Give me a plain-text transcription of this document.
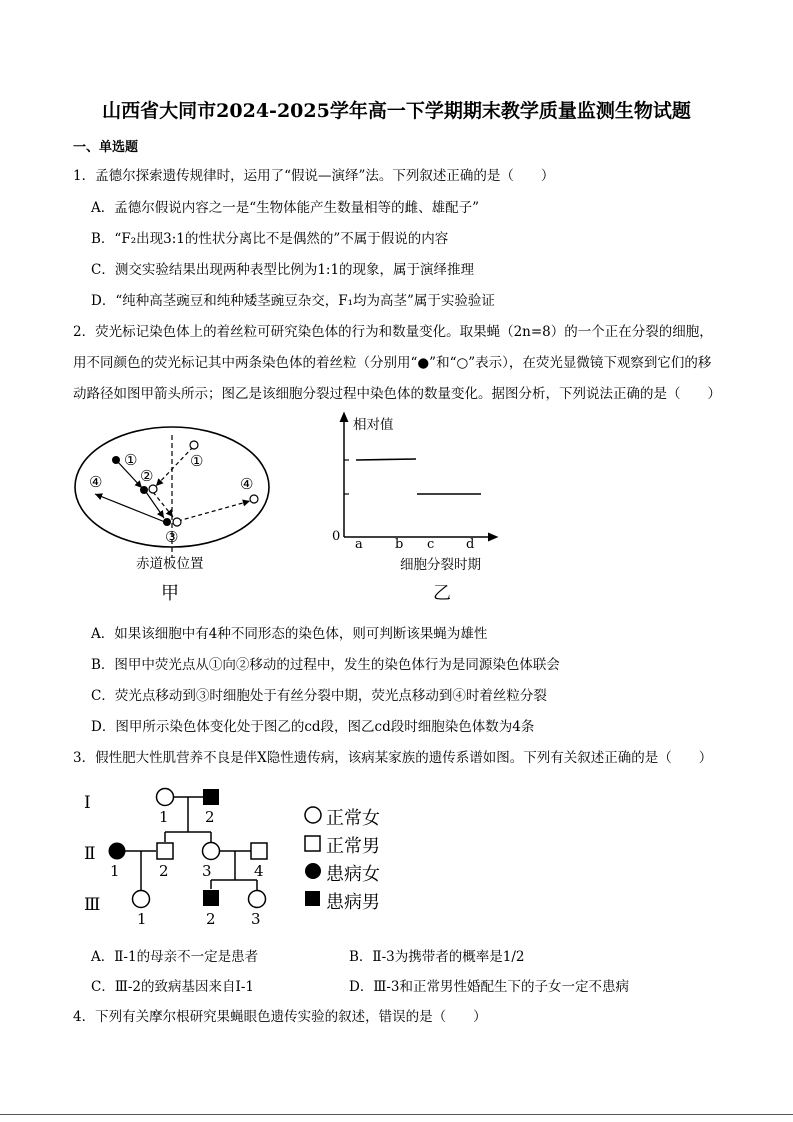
山西省大同市2024-2025学年高一下学期期末教学质量监测生物试题
一、单选题
1．孟德尔探索遗传规律时，运用了“假说—演绎”法。下列叙述正确的是（　　）
A．孟德尔假说内容之一是“生物体能产生数量相等的雌、雄配子”
B．“F₂出现3:1的性状分离比不是偶然的”不属于假说的内容
C．测交实验结果出现两种表型比例为1:1的现象，属于演绎推理
D．“纯种高茎豌豆和纯种矮茎豌豆杂交，F₁均为高茎”属于实验验证
2．荧光标记染色体上的着丝粒可研究染色体的行为和数量变化。取果蝇（2n=8）的一个正在分裂的细胞，
用不同颜色的荧光标记其中两条染色体的着丝粒（分别用“●”和“○”表示），在荧光显微镜下观察到它们的移
动路径如图甲箭头所示；图乙是该细胞分裂过程中染色体的数量变化。据图分析，下列说法正确的是（　　）
①
②
③
④
①
④
赤道板位置
甲
相对值
0
a b c d
细胞分裂时期
乙
A．如果该细胞中有4种不同形态的染色体，则可判断该果蝇为雄性
B．图甲中荧光点从①向②移动的过程中，发生的染色体行为是同源染色体联会
C．荧光点移动到③时细胞处于有丝分裂中期，荧光点移动到④时着丝粒分裂
D．图甲所示染色体变化处于图乙的cd段，图乙cd段时细胞染色体数为4条
3．假性肥大性肌营养不良是伴X隐性遗传病，该病某家族的遗传系谱如图。下列有关叙述正确的是（　　）
1 2
1	2 3	4
1	2 3
Ⅰ
Ⅱ
Ⅲ
正常女
正常男
患病女
患病男
A．Ⅱ-1的母亲不一定是患者	B．Ⅱ-3为携带者的概率是1/2
C．Ⅲ-2的致病基因来自Ⅰ-1	D．Ⅲ-3和正常男性婚配生下的子女一定不患病
4．下列有关摩尔根研究果蝇眼色遗传实验的叙述，错误的是（　　）
